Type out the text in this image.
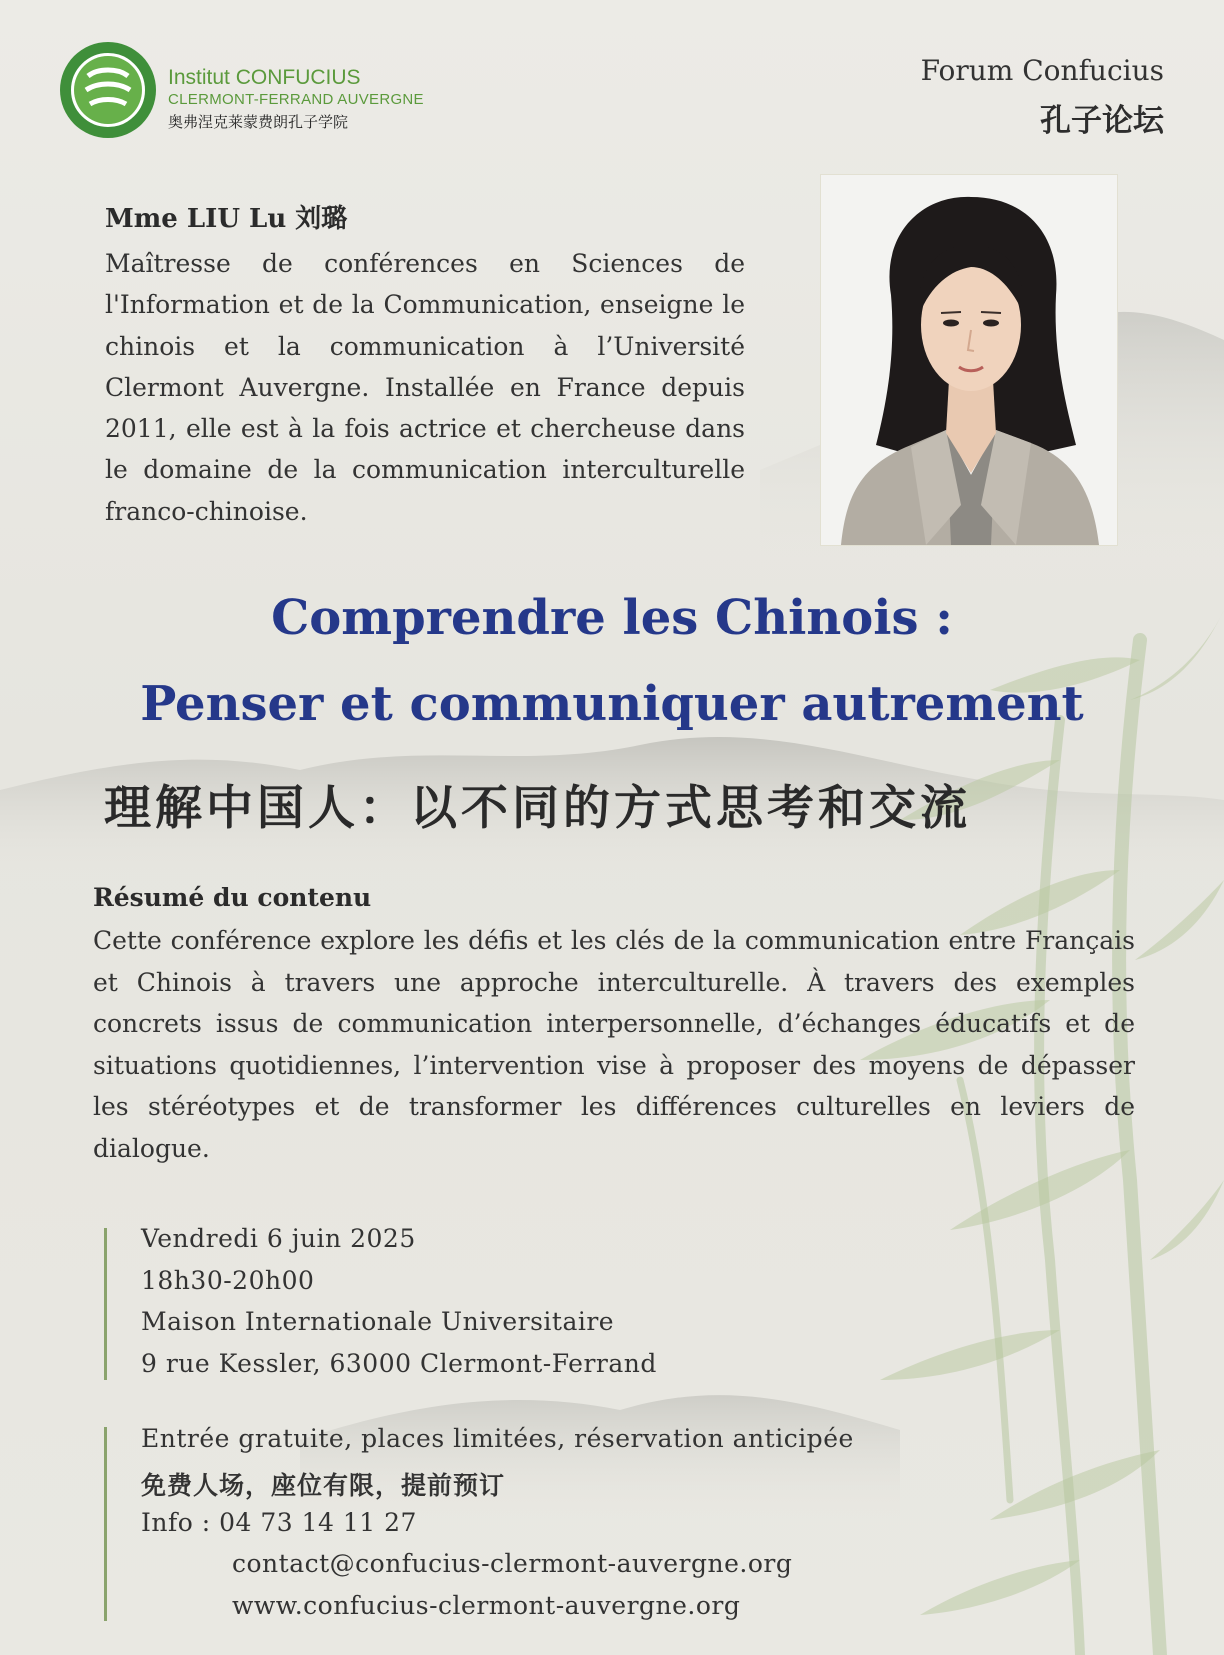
Institut CONFUCIUS
CLERMONT-FERRAND AUVERGNE
奥弗涅克莱蒙费朗孔子学院
Forum Confucius
孔子论坛
Mme LIU Lu 刘璐
Maîtresse de conférences en Sciences de l'Information et de la Communication, enseigne le chinois et la communication à l’Université Clermont Auvergne. Installée en France depuis 2011, elle est à la fois actrice et chercheuse dans le domaine de la communication interculturelle franco-chinoise.
Comprendre les Chinois :
Penser et communiquer autrement
理解中国人：以不同的方式思考和交流
Résumé du contenu
Cette conférence explore les défis et les clés de la communication entre Français et Chinois à travers une approche interculturelle. À travers des exemples concrets issus de communication interpersonnelle, d’échanges éducatifs et de situations quotidiennes, l’intervention vise à proposer des moyens de dépasser les stéréotypes et de transformer les différences culturelles en leviers de dialogue.
Vendredi 6 juin 2025
18h30-20h00
Maison Internationale Universitaire
9 rue Kessler, 63000 Clermont-Ferrand
Entrée gratuite, places limitées, réservation anticipée
免费人场，座位有限，提前预订
Info : 04 73 14 11 27
contact@confucius-clermont-auvergne.org
www.confucius-clermont-auvergne.org
